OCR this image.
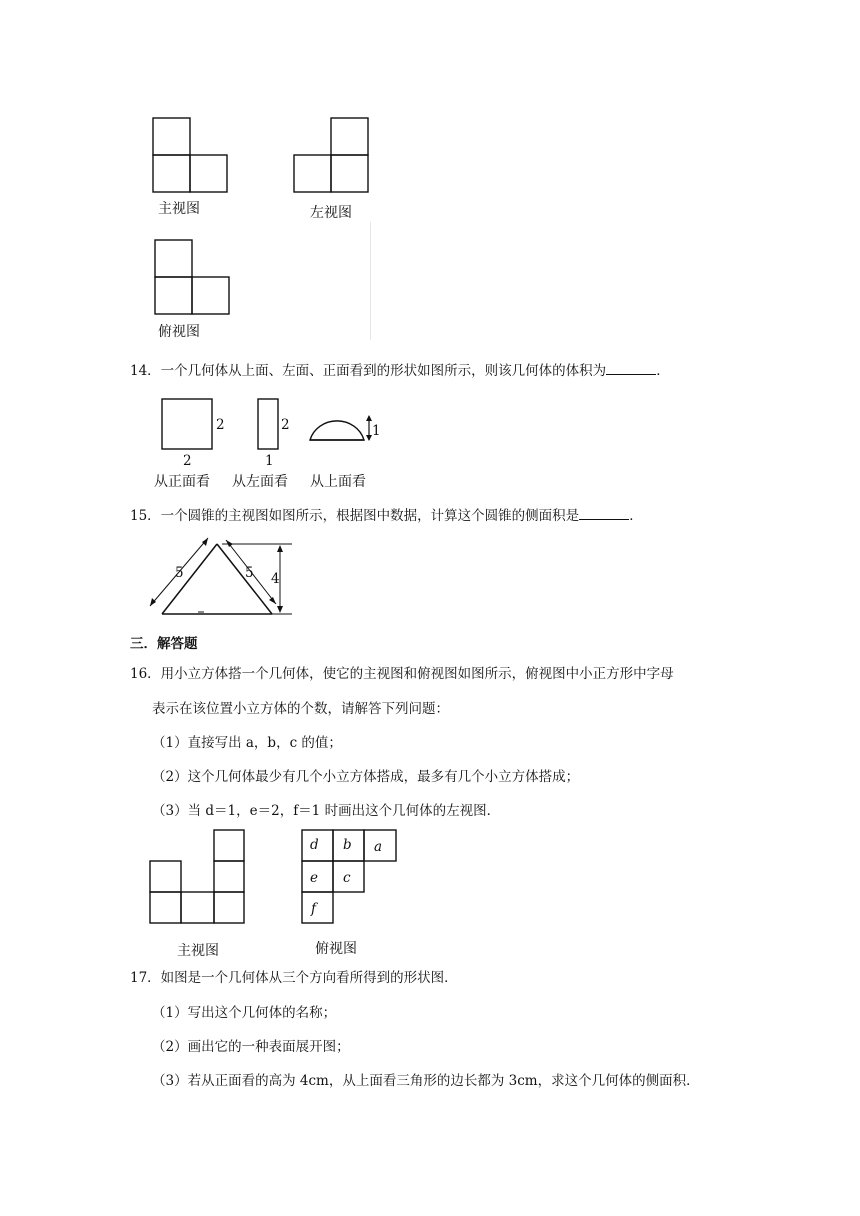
主视图	左视图
俯视图
14．一个几何体从上面、左面、正面看到的形状如图所示，则该几何体的体积为	．
2
2
从正面看
2
1
从左面看
1
从上面看
15．一个圆锥的主视图如图所示，根据图中数据，计算这个圆锥的侧面积是	．
5	5 4
三．解答题
16．用小立方体搭一个几何体，使它的主视图和俯视图如图所示，俯视图中小正方形中字母
表示在该位置小立方体的个数，请解答下列问题：
（1）直接写出 a，b，c 的值；
（2）这个几何体最少有几个小立方体搭成，最多有几个小立方体搭成；
（3）当 d＝1，e＝2，f＝1 时画出这个几何体的左视图．
主视图
d b a
e c
f
俯视图
17．如图是一个几何体从三个方向看所得到的形状图．
（1）写出这个几何体的名称；
（2）画出它的一种表面展开图；
（3）若从正面看的高为 4cm，从上面看三角形的边长都为 3cm，求这个几何体的侧面积．
